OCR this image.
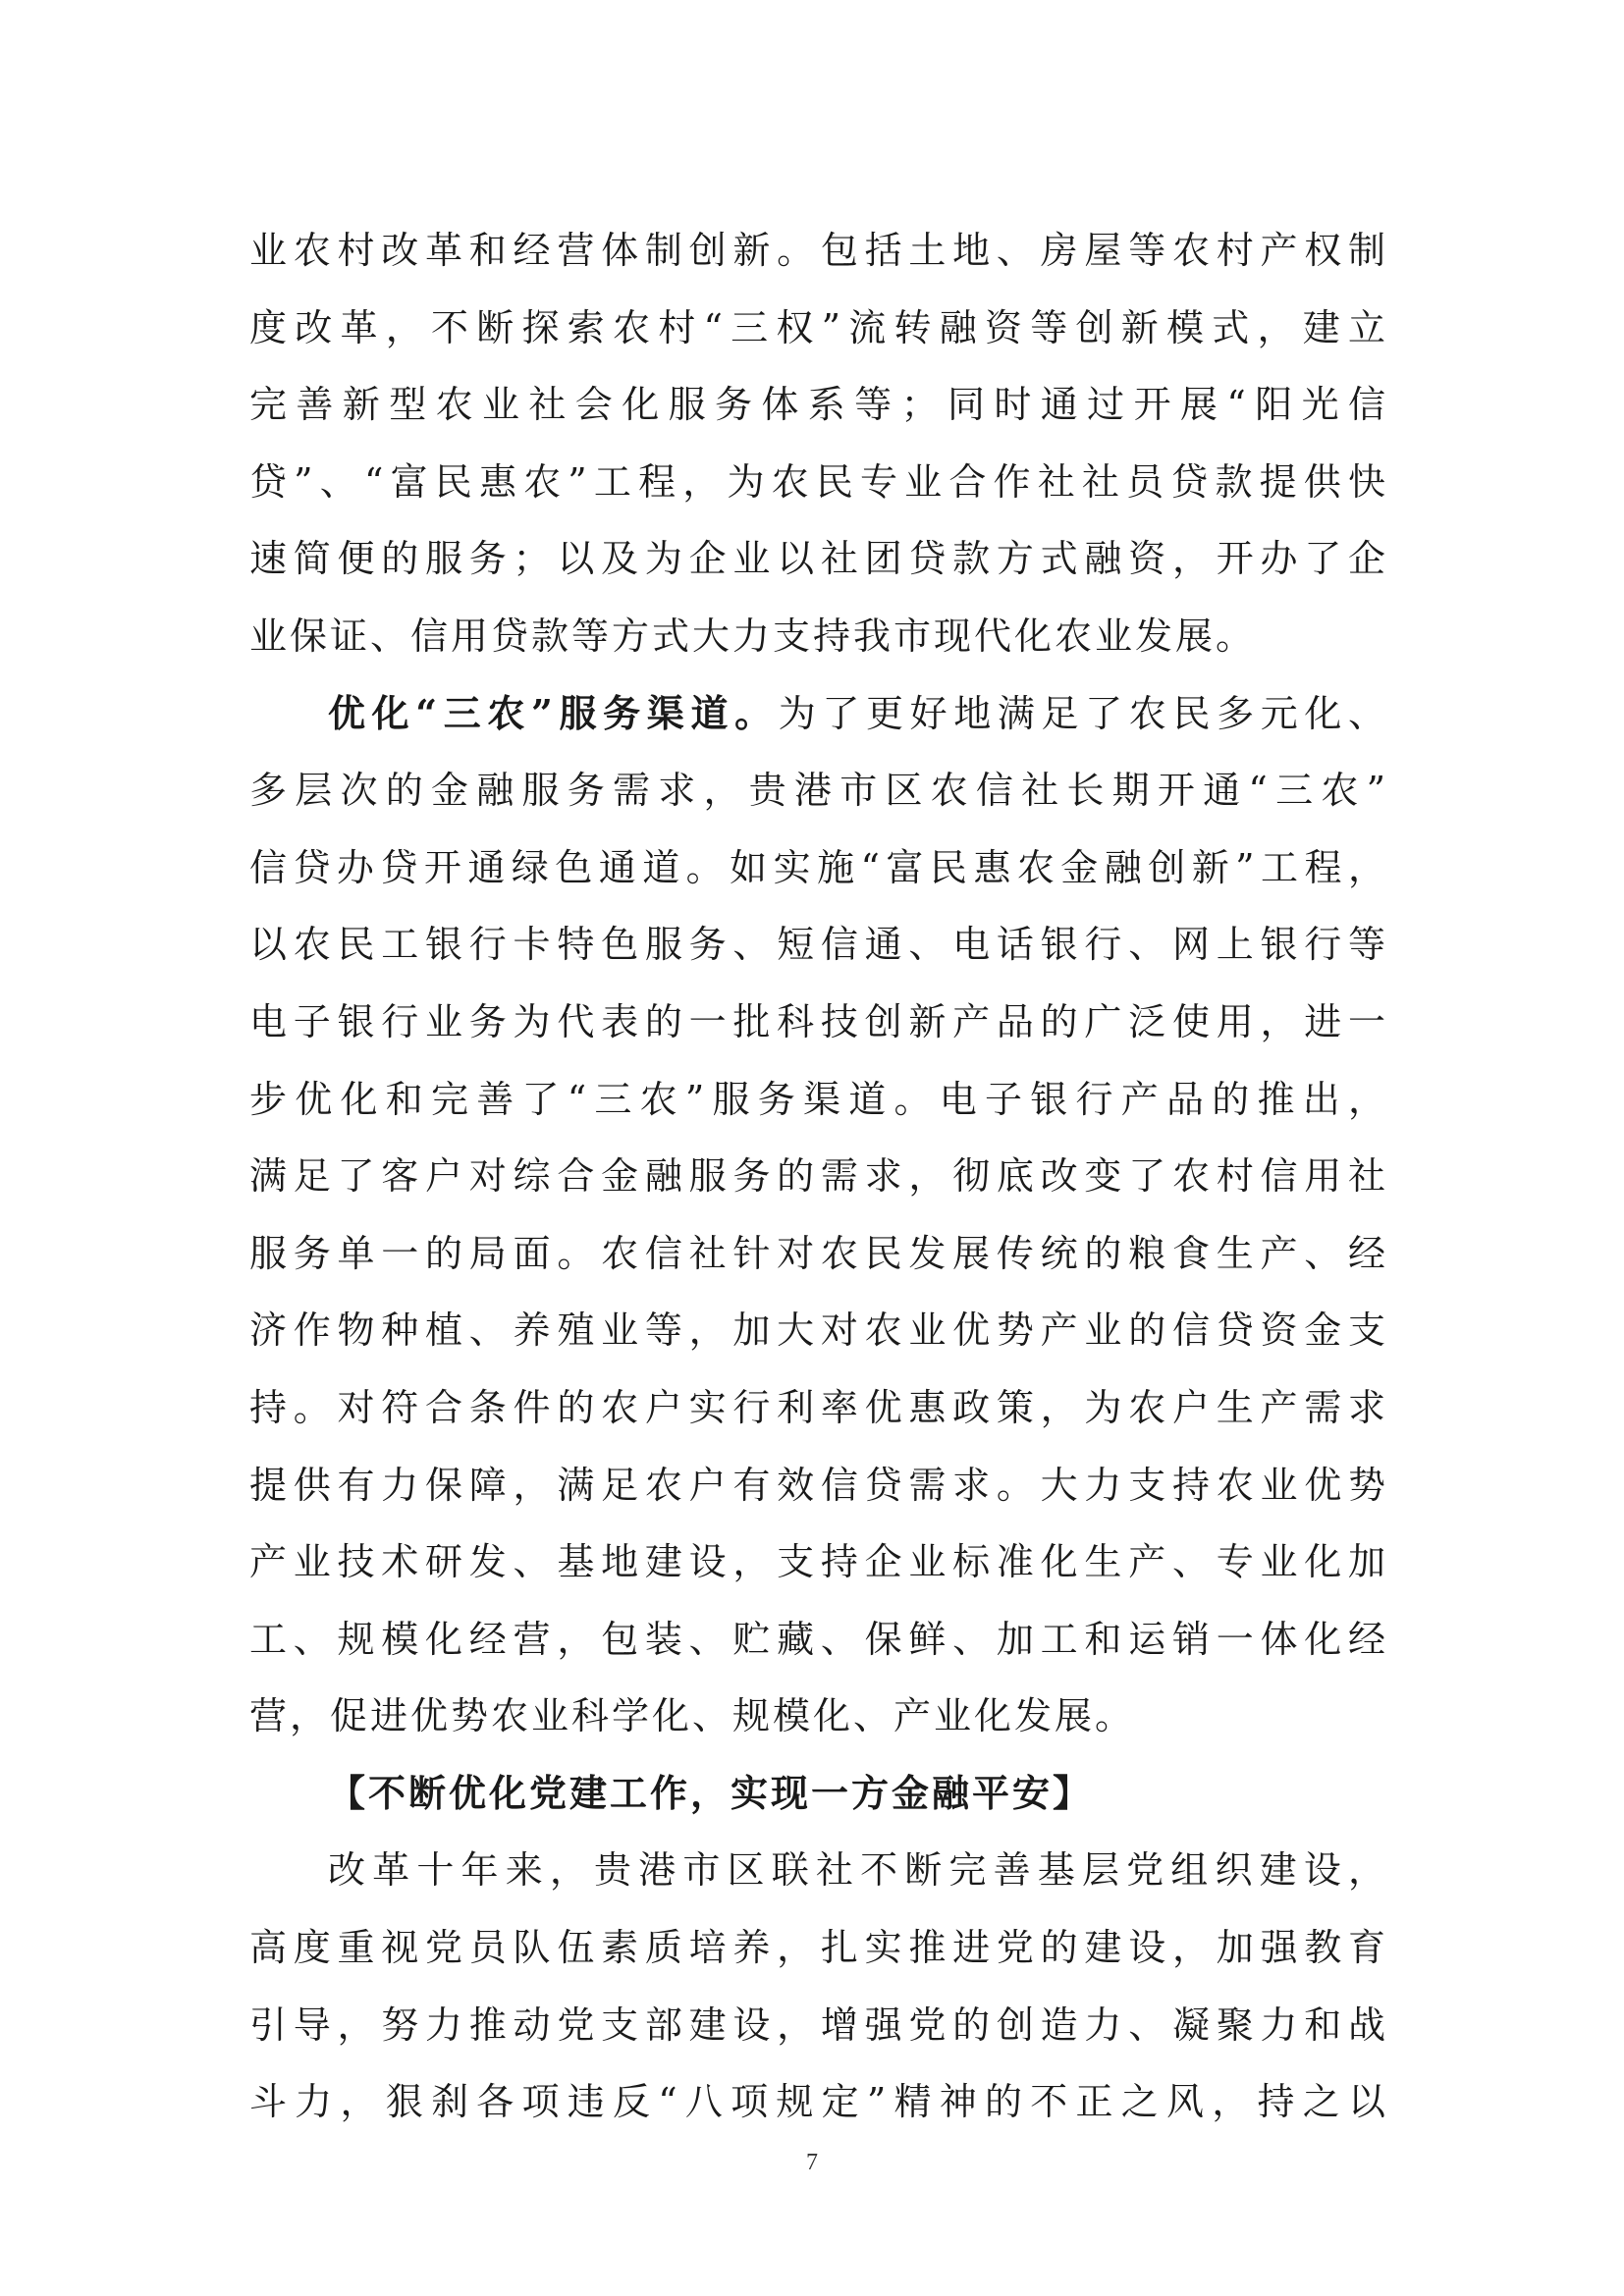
业农村改革和经营体制创新。包括土地、房屋等农村产权制
度改革，不断探索农村“三权”流转融资等创新模式，建立
完善新型农业社会化服务体系等；同时通过开展“阳光信
贷”、“富民惠农”工程，为农民专业合作社社员贷款提供快
速简便的服务；以及为企业以社团贷款方式融资，开办了企
业保证、信用贷款等方式大力支持我市现代化农业发展。
优化“三农”服务渠道。为了更好地满足了农民多元化、
多层次的金融服务需求，贵港市区农信社长期开通“三农”
信贷办贷开通绿色通道。如实施“富民惠农金融创新”工程，
以农民工银行卡特色服务、短信通、电话银行、网上银行等
电子银行业务为代表的一批科技创新产品的广泛使用，进一
步优化和完善了“三农”服务渠道。电子银行产品的推出，
满足了客户对综合金融服务的需求，彻底改变了农村信用社
服务单一的局面。农信社针对农民发展传统的粮食生产、经
济作物种植、养殖业等，加大对农业优势产业的信贷资金支
持。对符合条件的农户实行利率优惠政策，为农户生产需求
提供有力保障，满足农户有效信贷需求。大力支持农业优势
产业技术研发、基地建设，支持企业标准化生产、专业化加
工、规模化经营，包装、贮藏、保鲜、加工和运销一体化经
营，促进优势农业科学化、规模化、产业化发展。
【不断优化党建工作，实现一方金融平安】
改革十年来，贵港市区联社不断完善基层党组织建设，
高度重视党员队伍素质培养，扎实推进党的建设，加强教育
引导，努力推动党支部建设，增强党的创造力、凝聚力和战
斗力，狠刹各项违反“八项规定”精神的不正之风，持之以
7
